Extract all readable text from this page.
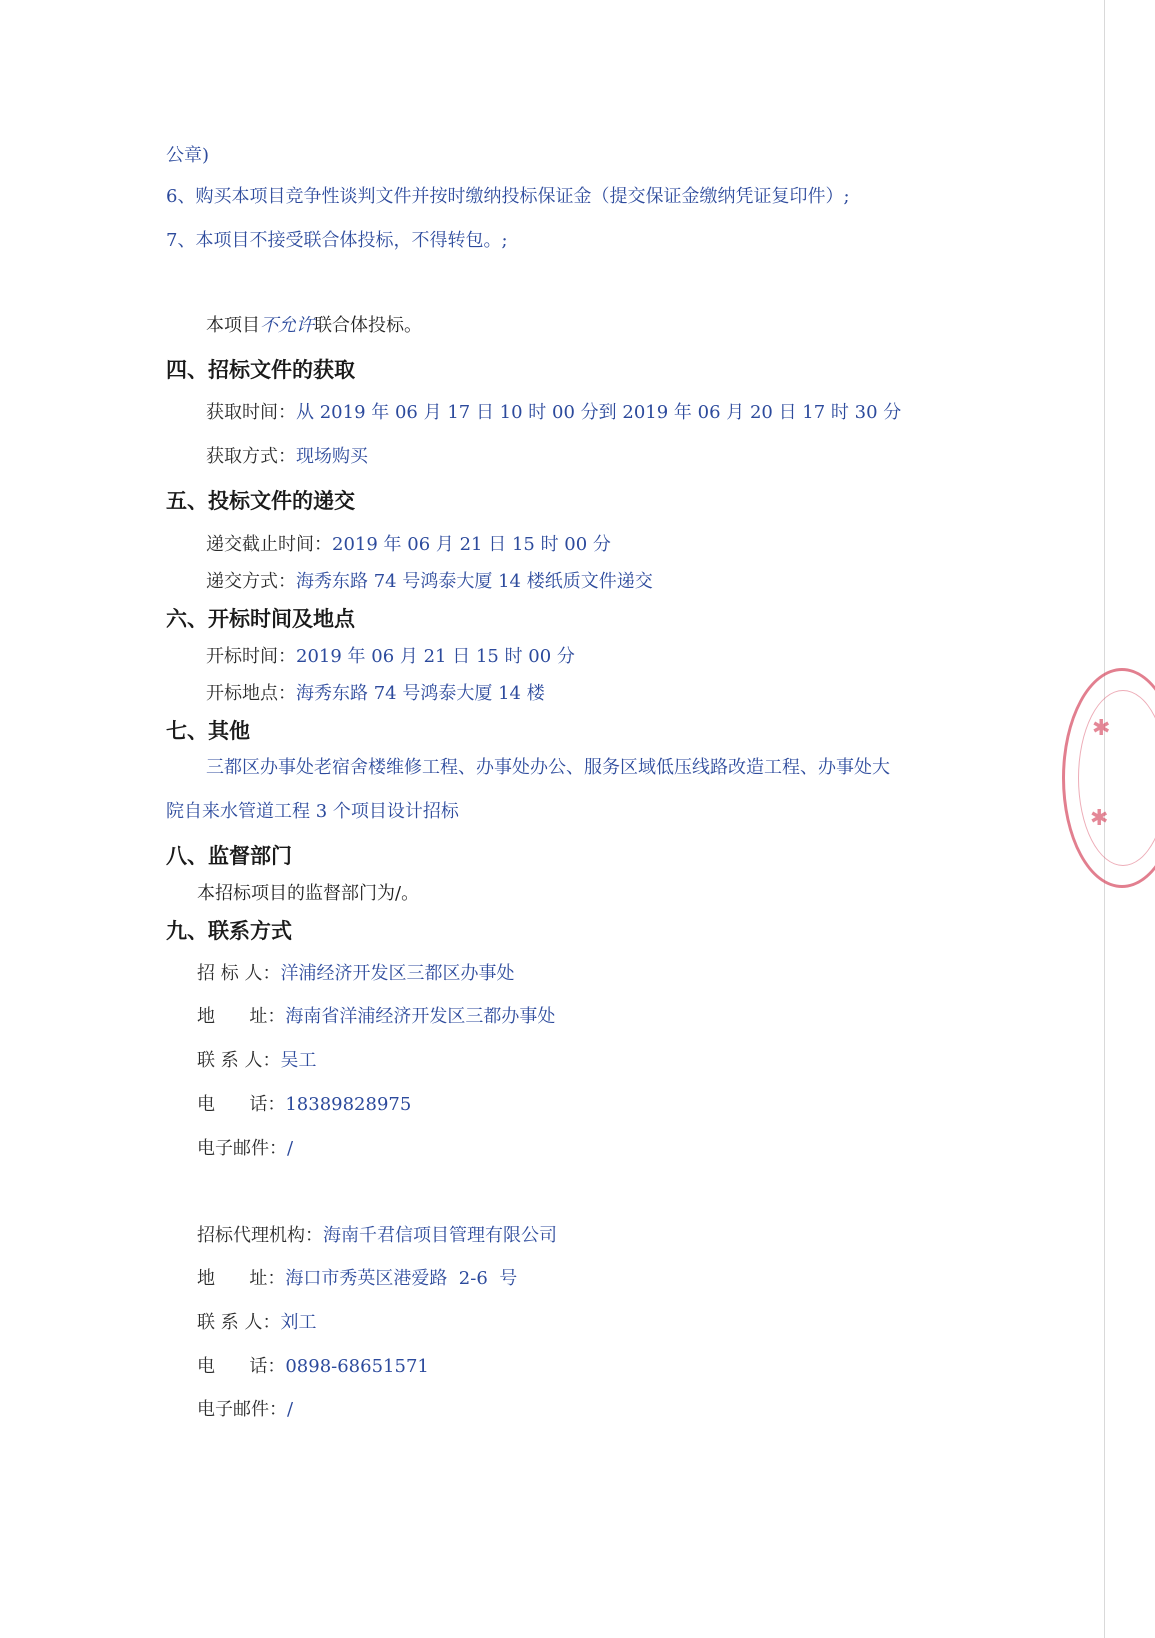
公章)
6、购买本项目竞争性谈判文件并按时缴纳投标保证金（提交保证金缴纳凭证复印件）;
7、本项目不接受联合体投标，不得转包。;
本项目不允许联合体投标。
四、招标文件的获取
获取时间：从 2019 年 06 月 17 日 10 时 00 分到 2019 年 06 月 20 日 17 时 30 分
获取方式：现场购买
五、投标文件的递交
递交截止时间：2019 年 06 月 21 日 15 时 00 分
递交方式：海秀东路 74 号鸿泰大厦 14 楼纸质文件递交
六、开标时间及地点
开标时间：2019 年 06 月 21 日 15 时 00 分
开标地点：海秀东路 74 号鸿泰大厦 14 楼
七、其他
三都区办事处老宿舍楼维修工程、办事处办公、服务区域低压线路改造工程、办事处大
院自来水管道工程 3 个项目设计招标
八、监督部门
本招标项目的监督部门为/。
九、联系方式
招 标 人：洋浦经济开发区三都区办事处
地      址：海南省洋浦经济开发区三都办事处
联 系 人：吴工
电      话：18389828975
电子邮件：/
招标代理机构：海南千君信项目管理有限公司
地      址：海口市秀英区港爱路  2-6  号
联 系 人：刘工
电      话：0898-68651571
电子邮件：/
✱
✱
